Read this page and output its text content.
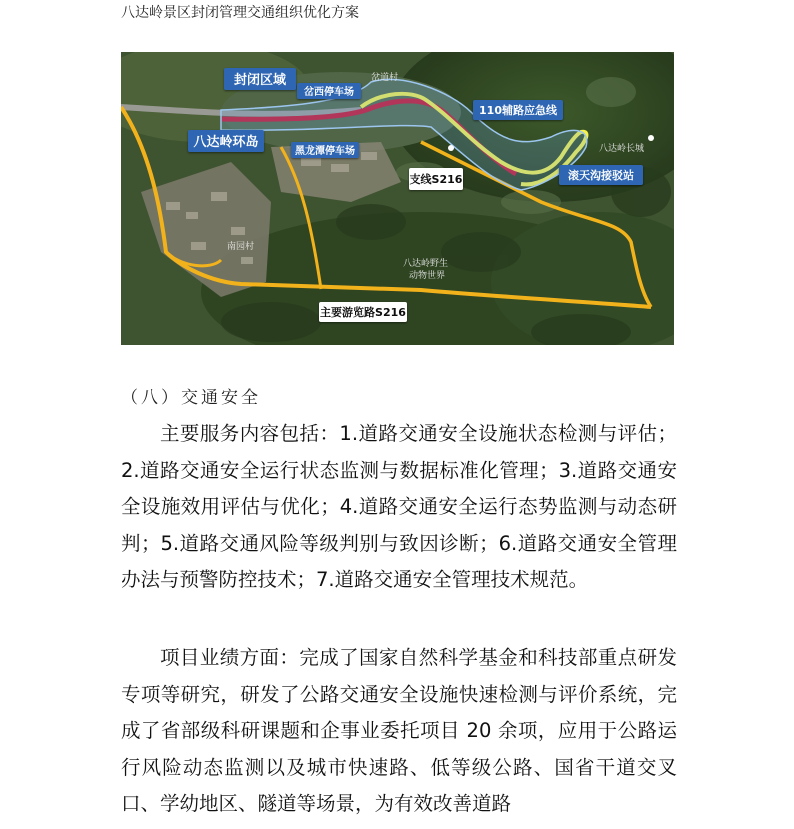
八达岭景区封闭管理交通组织优化方案
封闭区域
八达岭环岛
岔西停车场
黑龙潭停车场
110辅路应急线
支线S216	滚天沟接驳站
主要游览路S216
南园村
八达岭长城
八达岭野生
动物世界
岔道村
（八）交通安全

主要服务内容包括：1.道路交通安全设施状态检测与评估；2.道路交通安全运行状态监测与数据标准化管理；3.道路交通安全设施效用评估与优化；4.道路交通安全运行态势监测与动态研判；5.道路交通风险等级判别与致因诊断；6.道路交通安全管理办法与预警防控技术；7.道路交通安全管理技术规范。

项目业绩方面：完成了国家自然科学基金和科技部重点研发专项等研究，研发了公路交通安全设施快速检测与评价系统，完成了省部级科研课题和企事业委托项目 20 余项，应用于公路运行风险动态监测以及城市快速路、低等级公路、国省干道交叉口、学幼地区、隧道等场景，为有效改善道路
